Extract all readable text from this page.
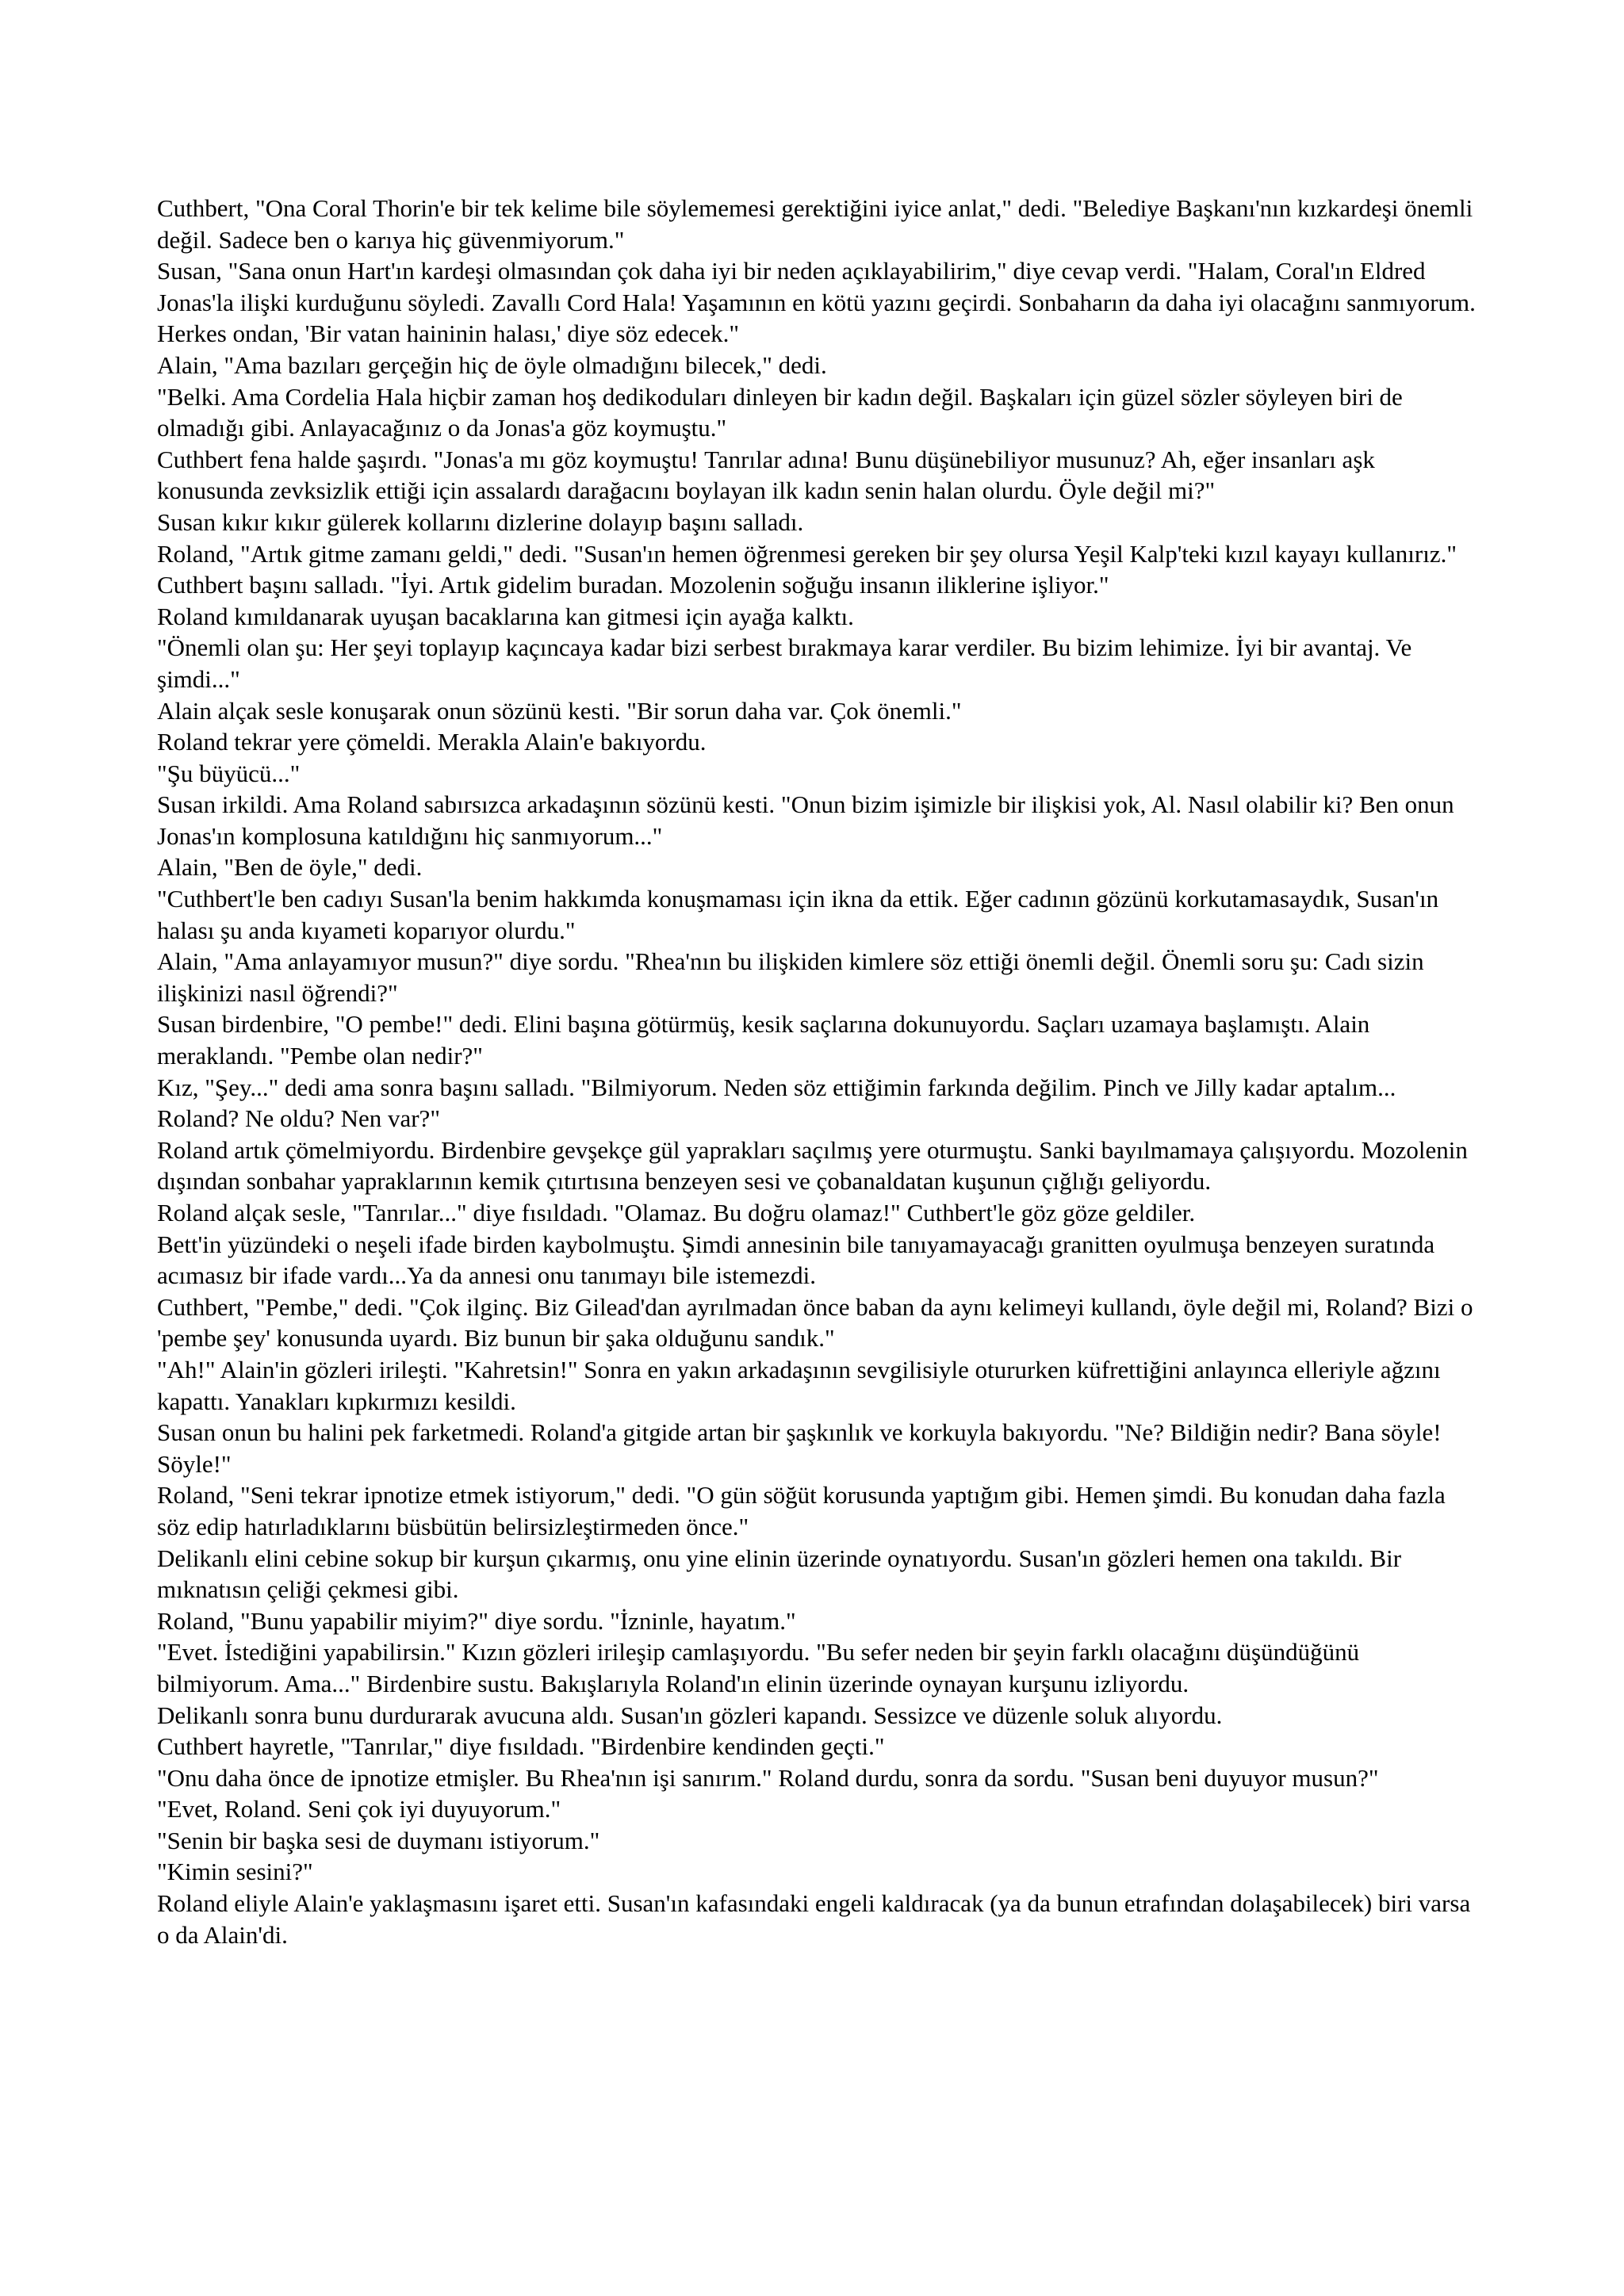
Cuthbert, "Ona Coral Thorin'e bir tek kelime bile söylememesi gerektiğini iyice anlat," dedi. "Belediye Başkanı'nın kızkardeşi önemli değil. Sadece ben o karıya hiç güvenmiyorum."

Susan, "Sana onun Hart'ın kardeşi olmasından çok daha iyi bir neden açıklayabilirim," diye cevap verdi. "Halam, Coral'ın Eldred Jonas'la ilişki kurduğunu söyledi. Zavallı Cord Hala! Yaşamının en kötü yazını geçirdi. Sonbaharın da daha iyi olacağını sanmıyorum. Herkes ondan, 'Bir vatan haininin halası,' diye söz edecek."

Alain, "Ama bazıları gerçeğin hiç de öyle olmadığını bilecek," dedi.

"Belki. Ama Cordelia Hala hiçbir zaman hoş dedikoduları dinleyen bir kadın değil. Başkaları için güzel sözler söyleyen biri de olmadığı gibi. Anlayacağınız o da Jonas'a göz koymuştu."

Cuthbert fena halde şaşırdı. "Jonas'a mı göz koymuştu! Tanrılar adına! Bunu düşünebiliyor musunuz? Ah, eğer insanları aşk konusunda zevksizlik ettiği için assalardı darağacını boylayan ilk kadın senin halan olurdu. Öyle değil mi?"

Susan kıkır kıkır gülerek kollarını dizlerine dolayıp başını salladı.

Roland, "Artık gitme zamanı geldi," dedi. "Susan'ın hemen öğrenmesi gereken bir şey olursa Yeşil Kalp'teki kızıl kayayı kullanırız."

Cuthbert başını salladı. "İyi. Artık gidelim buradan. Mozolenin soğuğu insanın iliklerine işliyor."

Roland kımıldanarak uyuşan bacaklarına kan gitmesi için ayağa kalktı.

"Önemli olan şu: Her şeyi toplayıp kaçıncaya kadar bizi serbest bırakmaya karar verdiler. Bu bizim lehimize. İyi bir avantaj. Ve şimdi..."

Alain alçak sesle konuşarak onun sözünü kesti. "Bir sorun daha var. Çok önemli."

Roland tekrar yere çömeldi. Merakla Alain'e bakıyordu.

"Şu büyücü..."

Susan irkildi. Ama Roland sabırsızca arkadaşının sözünü kesti. "Onun bizim işimizle bir ilişkisi yok, Al. Nasıl olabilir ki? Ben onun Jonas'ın komplosuna katıldığını hiç sanmıyorum..."

Alain, "Ben de öyle," dedi.

"Cuthbert'le ben cadıyı Susan'la benim hakkımda konuşmaması için ikna da ettik. Eğer cadının gözünü korkutamasaydık, Susan'ın halası şu anda kıyameti koparıyor olurdu."

Alain, "Ama anlayamıyor musun?" diye sordu. "Rhea'nın bu ilişkiden kimlere söz ettiği önemli değil. Önemli soru şu: Cadı sizin ilişkinizi nasıl öğrendi?"

Susan birdenbire, "O pembe!" dedi. Elini başına götürmüş, kesik saçlarına dokunuyordu. Saçları uzamaya başlamıştı. Alain meraklandı. "Pembe olan nedir?"

Kız, "Şey..." dedi ama sonra başını salladı. "Bilmiyorum. Neden söz ettiğimin farkında değilim. Pinch ve Jilly kadar aptalım... Roland? Ne oldu? Nen var?"

Roland artık çömelmiyordu. Birdenbire gevşekçe gül yaprakları saçılmış yere oturmuştu. Sanki bayılmamaya çalışıyordu. Mozolenin dışından sonbahar yapraklarının kemik çıtırtısına benzeyen sesi ve çobanaldatan kuşunun çığlığı geliyordu.

Roland alçak sesle, "Tanrılar..." diye fısıldadı. "Olamaz. Bu doğru olamaz!" Cuthbert'le göz göze geldiler.

Bett'in yüzündeki o neşeli ifade birden kaybolmuştu. Şimdi annesinin bile tanıyamayacağı granitten oyulmuşa benzeyen suratında acımasız bir ifade vardı...Ya da annesi onu tanımayı bile istemezdi.

Cuthbert, "Pembe," dedi. "Çok ilginç. Biz Gilead'dan ayrılmadan önce baban da aynı kelimeyi kullandı, öyle değil mi, Roland? Bizi o 'pembe şey' konusunda uyardı. Biz bunun bir şaka olduğunu sandık."

"Ah!" Alain'in gözleri irileşti. "Kahretsin!" Sonra en yakın arkadaşının sevgilisiyle otururken küfrettiğini anlayınca elleriyle ağzını kapattı. Yanakları kıpkırmızı kesildi.

Susan onun bu halini pek farketmedi. Roland'a gitgide artan bir şaşkınlık ve korkuyla bakıyordu. "Ne? Bildiğin nedir? Bana söyle! Söyle!"

Roland, "Seni tekrar ipnotize etmek istiyorum," dedi. "O gün söğüt korusunda yaptığım gibi. Hemen şimdi. Bu konudan daha fazla söz edip hatırladıklarını büsbütün belirsizleştirmeden önce."

Delikanlı elini cebine sokup bir kurşun çıkarmış, onu yine elinin üzerinde oynatıyordu. Susan'ın gözleri hemen ona takıldı. Bir mıknatısın çeliği çekmesi gibi.

Roland, "Bunu yapabilir miyim?" diye sordu. "İzninle, hayatım."

"Evet. İstediğini yapabilirsin." Kızın gözleri irileşip camlaşıyordu. "Bu sefer neden bir şeyin farklı olacağını düşündüğünü bilmiyorum. Ama..." Birdenbire sustu. Bakışlarıyla Roland'ın elinin üzerinde oynayan kurşunu izliyordu.

Delikanlı sonra bunu durdurarak avucuna aldı. Susan'ın gözleri kapandı. Sessizce ve düzenle soluk alıyordu.

Cuthbert hayretle, "Tanrılar," diye fısıldadı. "Birdenbire kendinden geçti."

"Onu daha önce de ipnotize etmişler. Bu Rhea'nın işi sanırım." Roland durdu, sonra da sordu. "Susan beni duyuyor musun?"

"Evet, Roland. Seni çok iyi duyuyorum."

"Senin bir başka sesi de duymanı istiyorum."

"Kimin sesini?"

Roland eliyle Alain'e yaklaşmasını işaret etti. Susan'ın kafasındaki engeli kaldıracak (ya da bunun etrafından dolaşabilecek) biri varsa o da Alain'di.
